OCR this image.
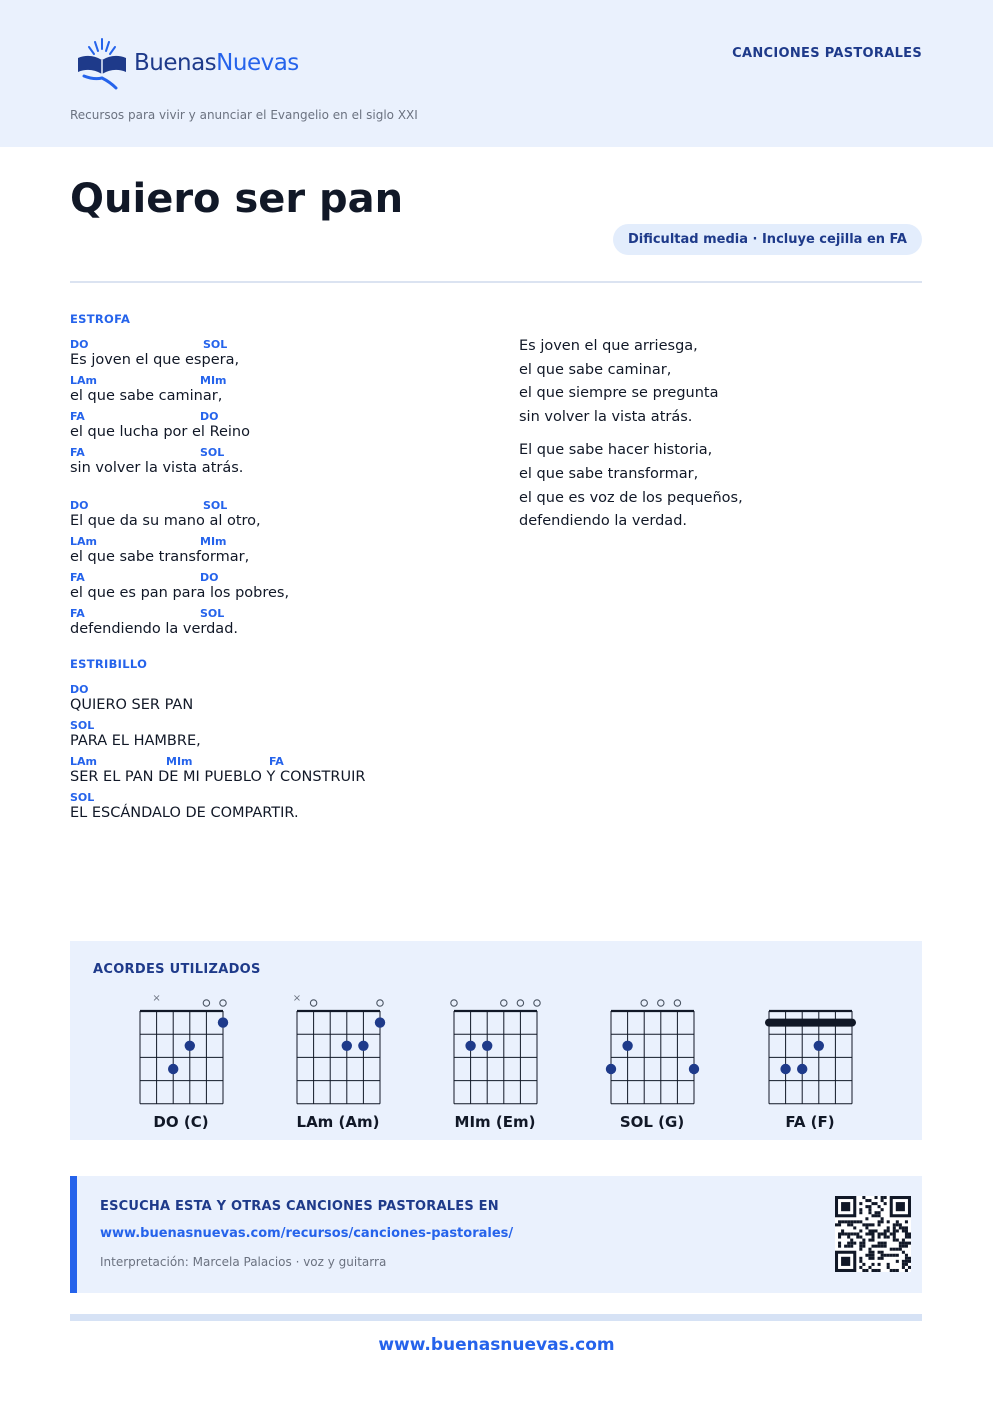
BuenasNuevas	CANCIONES PASTORALES
Recursos para vivir y anunciar el Evangelio en el siglo XXI
Quiero ser pan
Dificultad media · Incluye cejilla en FA
ESTROFA
DO	SOL
Es joven el que espera,
LAm	MIm
el que sabe caminar,
FA	DO
el que lucha por el Reino
FA	SOL
sin volver la vista atrás.
DO	SOL
El que da su mano al otro,
LAm	MIm
el que sabe transformar,
FA	DO
el que es pan para los pobres,
FA	SOL
defendiendo la verdad.
ESTRIBILLO
DO
QUIERO SER PAN
SOL
PARA EL HAMBRE,
LAm	MIm	FA
SER EL PAN DE MI PUEBLO Y CONSTRUIR
SOL
EL ESCÁNDALO DE COMPARTIR.

Es joven el que arriesga,
el que sabe caminar,
el que siempre se pregunta
sin volver la vista atrás.

El que sabe hacer historia,
el que sabe transformar,
el que es voz de los pequeños,
defendiendo la verdad.

ACORDES UTILIZADOS
×
DO (C)
×
LAm (Am)	MIm (Em)	SOL (G)	FA (F)
ESCUCHA ESTA Y OTRAS CANCIONES PASTORALES EN
www.buenasnuevas.com/recursos/canciones-pastorales/
Interpretación: Marcela Palacios · voz y guitarra
www.buenasnuevas.com
